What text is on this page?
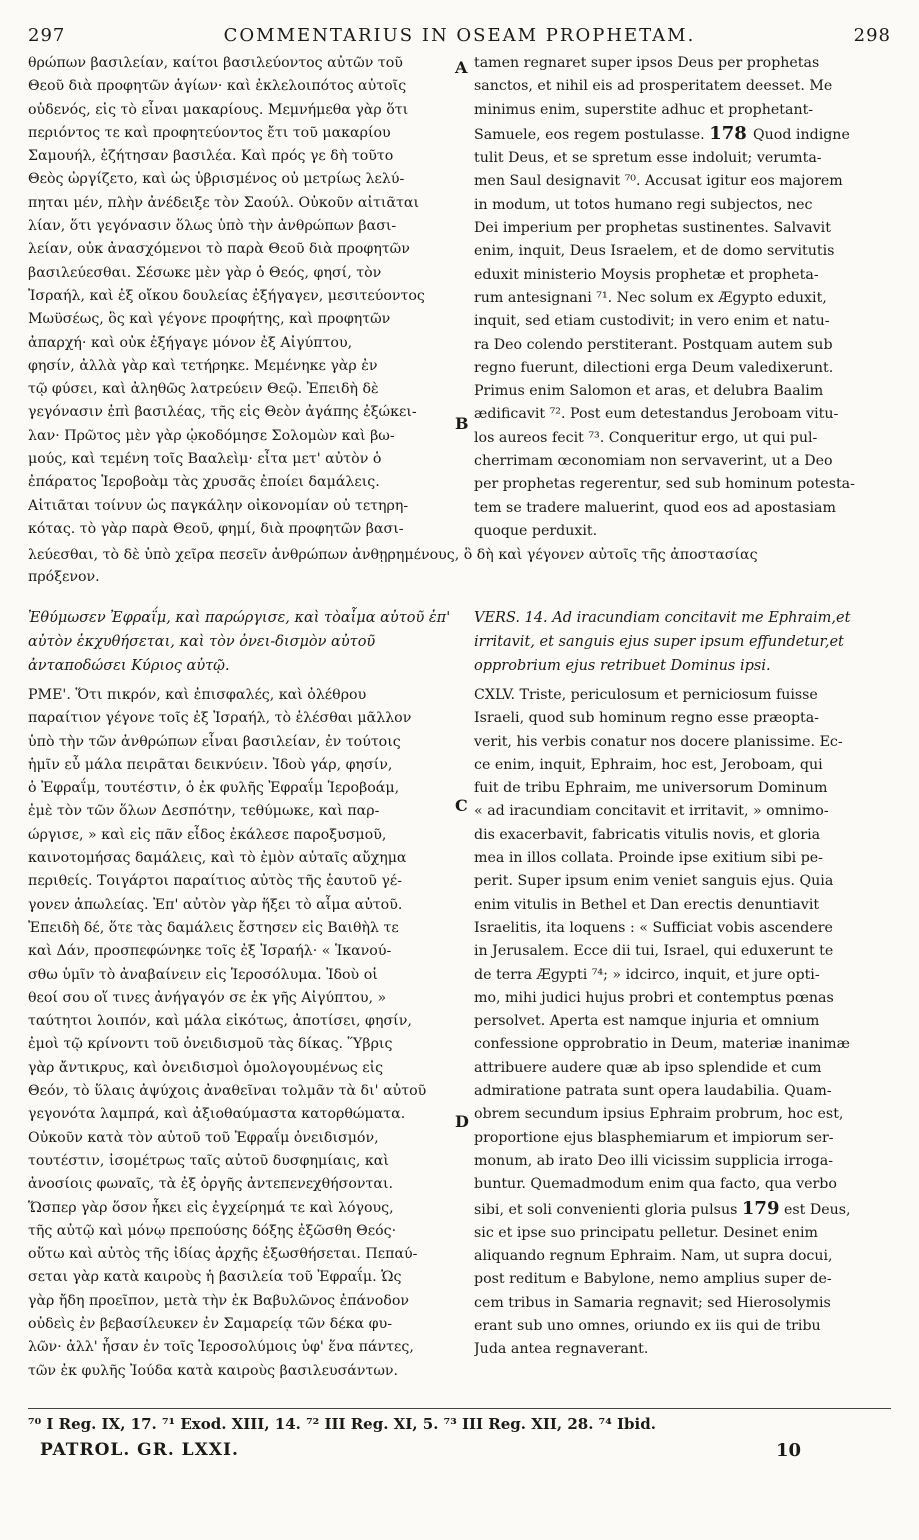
297	COMMENTARIUS IN OSEAM PROPHETAM.	298
θρώπων βασιλείαν, καίτοι βασιλεύοντος αὐτῶν τοῦ
Θεοῦ διὰ προφητῶν ἁγίων· καὶ ἐκλελοιπότος αὐτοῖς
οὐδενός, εἰς τὸ εἶναι μακαρίους. Μεμνήμεθα γὰρ ὅτι
περιόντος τε καὶ προφητεύοντος ἔτι τοῦ μακαρίου
Σαμουήλ, ἐζήτησαν βασιλέα. Καὶ πρός γε δὴ τοῦτο
Θεὸς ὠργίζετο, καὶ ὡς ὑβρισμένος οὐ μετρίως λελύ-
πηται μέν, πλὴν ἀνέδειξε τὸν Σαούλ. Οὐκοῦν αἰτιᾶται
λίαν, ὅτι γεγόνασιν ὅλως ὑπὸ τὴν ἀνθρώπων βασι-
λείαν, οὐκ ἀνασχόμενοι τὸ παρὰ Θεοῦ διὰ προφητῶν
βασιλεύεσθαι. Σέσωκε μὲν γὰρ ὁ Θεός, φησί, τὸν
Ἰσραήλ, καὶ ἐξ οἴκου δουλείας ἐξήγαγεν, μεσιτεύοντος
Μωϋσέως, ὃς καὶ γέγονε προφήτης, καὶ προφητῶν
ἀπαρχή· καὶ οὐκ ἐξήγαγε μόνον ἐξ Αἰγύπτου,
φησίν, ἀλλὰ γὰρ καὶ τετήρηκε. Μεμένηκε γὰρ ἐν
τῷ φύσει, καὶ ἀληθῶς λατρεύειν Θεῷ. Ἐπειδὴ δὲ
γεγόνασιν ἐπὶ βασιλέας, τῆς εἰς Θεὸν ἀγάπης ἐξώκει-
λαν· Πρῶτος μὲν γὰρ ᾠκοδόμησε Σολομὼν καὶ βω-
μούς, καὶ τεμένη τοῖς Βααλεὶμ· εἶτα μετ' αὐτὸν ὁ
ἐπάρατος Ἱεροβοὰμ τὰς χρυσᾶς ἐποίει δαμάλεις.
Αἰτιᾶται τοίνυν ὡς παγκάλην οἰκονομίαν οὐ τετηρη-
κότας. τὸ γὰρ παρὰ Θεοῦ, φημί, διὰ προφητῶν βασι-
tamen regnaret super ipsos Deus per prophetas
sanctos, et nihil eis ad prosperitatem deesset. Me
minimus enim, superstite adhuc et prophetant-
Samuele, eos regem postulasse. 178 Quod indigne
tulit Deus, et se spretum esse indoluit; verumta-
men Saul designavit ⁷⁰. Accusat igitur eos majorem
in modum, ut totos humano regi subjectos, nec
Dei imperium per prophetas sustinentes. Salvavit
enim, inquit, Deus Israelem, et de domo servitutis
eduxit ministerio Moysis prophetæ et propheta-
rum antesignani ⁷¹. Nec solum ex Ægypto eduxit,
inquit, sed etiam custodivit; in vero enim et natu-
ra Deo colendo perstiterant. Postquam autem sub
regno fuerunt, dilectioni erga Deum valedixerunt.
Primus enim Salomon et aras, et delubra Baalim
ædificavit ⁷². Post eum detestandus Jeroboam vitu-
los aureos fecit ⁷³. Conqueritur ergo, ut qui pul-
cherrimam œconomiam non servaverint, ut a Deo
per prophetas regerentur, sed sub hominum potesta-
tem se tradere maluerint, quod eos ad apostasiam
quoque perduxit.
A
B
λεύεσθαι, τὸ δὲ ὑπὸ χεῖρα πεσεῖν ἀνθρώπων ἀνθῃρημένους, ὃ δὴ καὶ γέγονεν αὐτοῖς τῆς ἀποστασίας
πρόξενον.
Ἐθύμωσεν Ἐφραΐμ, καὶ παρώργισε, καὶ τὸαἷμα αὐτοῦ ἐπ' αὐτὸν ἐκχυθήσεται, καὶ τὸν ὀνει-δισμὸν αὐτοῦ ἀνταποδώσει Κύριος αὐτῷ.
VERS. 14. Ad iracundiam concitavit me Ephraim,et irritavit, et sanguis ejus super ipsum effundetur,et opprobrium ejus retribuet Dominus ipsi.
ΡΜΕ'. Ὅτι πικρόν, καὶ ἐπισφαλές, καὶ ὀλέθρου
παραίτιον γέγονε τοῖς ἐξ Ἰσραήλ, τὸ ἑλέσθαι μᾶλλον
ὑπὸ τὴν τῶν ἀνθρώπων εἶναι βασιλείαν, ἐν τούτοις
ἡμῖν εὖ μάλα πειρᾶται δεικνύειν. Ἰδοὺ γάρ, φησίν,
ὁ Ἐφραΐμ, τουτέστιν, ὁ ἐκ φυλῆς Ἐφραΐμ Ἱεροβοάμ,
ἐμὲ τὸν τῶν ὅλων Δεσπότην, τεθύμωκε, καὶ παρ-
ώργισε, » καὶ εἰς πᾶν εἶδος ἐκάλεσε παροξυσμοῦ,
καινοτομήσας δαμάλεις, καὶ τὸ ἐμὸν αὐταῖς αὔχημα
περιθείς. Τοιγάρτοι παραίτιος αὐτὸς τῆς ἑαυτοῦ γέ-
γονεν ἀπωλείας. Ἐπ' αὐτὸν γὰρ ἥξει τὸ αἷμα αὐτοῦ.
Ἐπειδὴ δέ, ὅτε τὰς δαμάλεις ἔστησεν εἰς Βαιθὴλ τε
καὶ Δάν, προσπεφώνηκε τοῖς ἐξ Ἰσραήλ· « Ἱκανού-
σθω ὑμῖν τὸ ἀναβαίνειν εἰς Ἱεροσόλυμα. Ἰδοὺ οἱ
θεοί σου οἵ τινες ἀνήγαγόν σε ἐκ γῆς Αἰγύπτου, »
ταύτητοι λοιπόν, καὶ μάλα εἰκότως, ἀποτίσει, φησίν,
ἐμοὶ τῷ κρίνοντι τοῦ ὀνειδισμοῦ τὰς δίκας. Ὕβρις
γὰρ ἄντικρυς, καὶ ὀνειδισμοὶ ὁμολογουμένως εἰς
Θεόν, τὸ ὕλαις ἀψύχοις ἀναθεῖναι τολμᾶν τὰ δι' αὐτοῦ
γεγονότα λαμπρά, καὶ ἀξιοθαύμαστα κατορθώματα.
Οὐκοῦν κατὰ τὸν αὐτοῦ τοῦ Ἐφραΐμ ὀνειδισμόν,
τουτέστιν, ἰσομέτρως ταῖς αὐτοῦ δυσφημίαις, καὶ
ἀνοσίοις φωναῖς, τὰ ἐξ ὀργῆς ἀντεπενεχθήσονται.
Ὥσπερ γὰρ ὅσον ἧκει εἰς ἐγχείρημά τε καὶ λόγους,
τῆς αὐτῷ καὶ μόνῳ πρεπούσης δόξης ἐξῶσθη Θεός·
οὕτω καὶ αὐτὸς τῆς ἰδίας ἀρχῆς ἐξωσθήσεται. Πεπαύ-
σεται γὰρ κατὰ καιροὺς ἡ βασιλεία τοῦ Ἐφραΐμ. Ὡς
γὰρ ἤδη προεῖπον, μετὰ τὴν ἐκ Βαβυλῶνος ἐπάνοδον
οὐδεὶς ἐν βεβασίλευκεν ἐν Σαμαρείᾳ τῶν δέκα φυ-
λῶν· ἀλλ' ἦσαν ἐν τοῖς Ἱεροσολύμοις ὑφ' ἕνα πάντες,
τῶν ἐκ φυλῆς Ἰούδα κατὰ καιροὺς βασιλευσάντων.
CXLV. Triste, periculosum et perniciosum fuisse
Israeli, quod sub hominum regno esse præopta-
verit, his verbis conatur nos docere planissime. Ec-
ce enim, inquit, Ephraim, hoc est, Jeroboam, qui
fuit de tribu Ephraim, me universorum Dominum
« ad iracundiam concitavit et irritavit, » omnimo-
dis exacerbavit, fabricatis vitulis novis, et gloria
mea in illos collata. Proinde ipse exitium sibi pe-
perit. Super ipsum enim veniet sanguis ejus. Quia
enim vitulis in Bethel et Dan erectis denuntiavit
Israelitis, ita loquens : « Sufficiat vobis ascendere
in Jerusalem. Ecce dii tui, Israel, qui eduxerunt te
de terra Ægypti ⁷⁴; » idcirco, inquit, et jure opti-
mo, mihi judici hujus probri et contemptus pœnas
persolvet. Aperta est namque injuria et omnium
confessione opprobratio in Deum, materiæ inanimæ
attribuere audere quæ ab ipso splendide et cum
admiratione patrata sunt opera laudabilia. Quam-
obrem secundum ipsius Ephraim probrum, hoc est,
proportione ejus blasphemiarum et impiorum ser-
monum, ab irato Deo illi vicissim supplicia irroga-
buntur. Quemadmodum enim qua facto, qua verbo
sibi, et soli convenienti gloria pulsus 179 est Deus,
sic et ipse suo principatu pelletur. Desinet enim
aliquando regnum Ephraim. Nam, ut supra docui,
post reditum e Babylone, nemo amplius super de-
cem tribus in Samaria regnavit; sed Hierosolymis
erant sub uno omnes, oriundo ex iis qui de tribu
Juda antea regnaverant.
C
D
⁷⁰ I Reg. IX, 17. ⁷¹ Exod. XIII, 14. ⁷² III Reg. XI, 5. ⁷³ III Reg. XII, 28. ⁷⁴ Ibid.
PATROL. GR. LXXI.	10
